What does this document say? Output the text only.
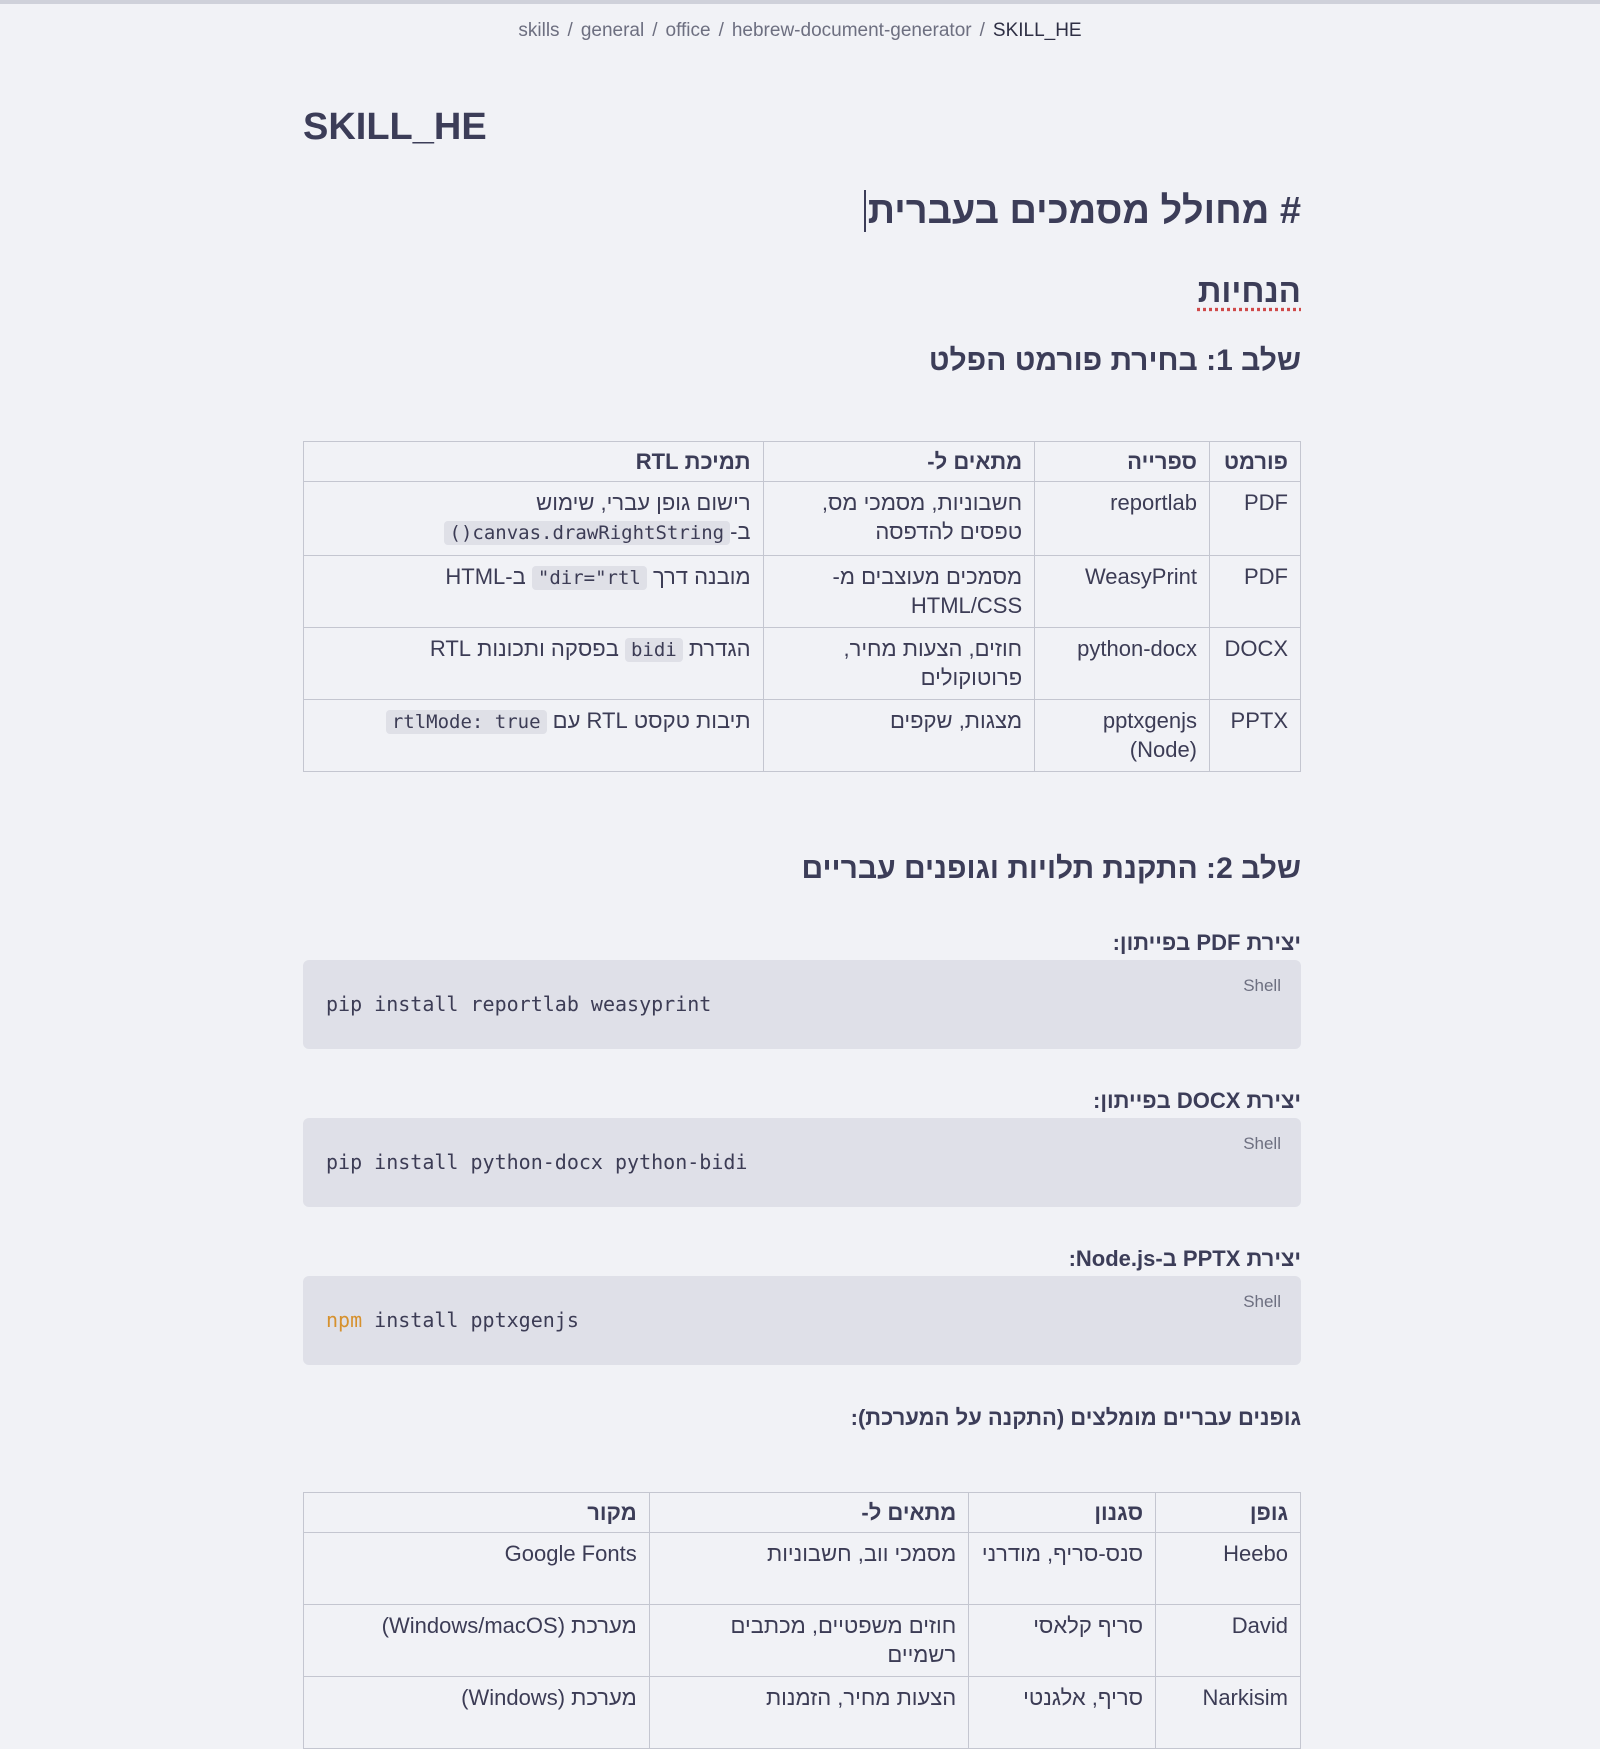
skills / general / office / hebrew-document-generator / SKILL_HE
SKILL_HE
# מחולל מסמכים בעברית
הנחיות
שלב 1: בחירת פורמט הפלט
פורמט	ספרייה	מתאים ל-	תמיכת RTL
PDF	reportlab	חשבוניות, מסמכי מס, טפסים להדפסה	רישום גופן עברי, שימוש ב-()canvas.drawRightString
PDF	WeasyPrint	מסמכים מעוצבים מ-HTML/CSS	מובנה דרך "dir="rtl ב-HTML
DOCX	python-docx	חוזים, הצעות מחיר, פרוטוקולים	הגדרת bidi בפסקה ותכונות RTL
PPTX	pptxgenjs (Node)	מצגות, שקפים	תיבות טקסט RTL עם rtlMode: true
שלב 2: התקנת תלויות וגופנים עבריים
יצירת PDF בפייתון:
Shell
pip install reportlab weasyprint
יצירת DOCX בפייתון:
Shell
pip install python-docx python-bidi
יצירת PPTX ב-Node.js:
Shell
npm install pptxgenjs
גופנים עבריים מומלצים (התקנה על המערכת):
גופן	סגנון	מתאים ל-	מקור
Heebo	סנס-סריף, מודרני	מסמכי ווב, חשבוניות	Google Fonts
David	סריף קלאסי	חוזים משפטיים, מכתבים רשמיים	מערכת (Windows/macOS)
Narkisim	סריף, אלגנטי	הצעות מחיר, הזמנות	מערכת (Windows)
